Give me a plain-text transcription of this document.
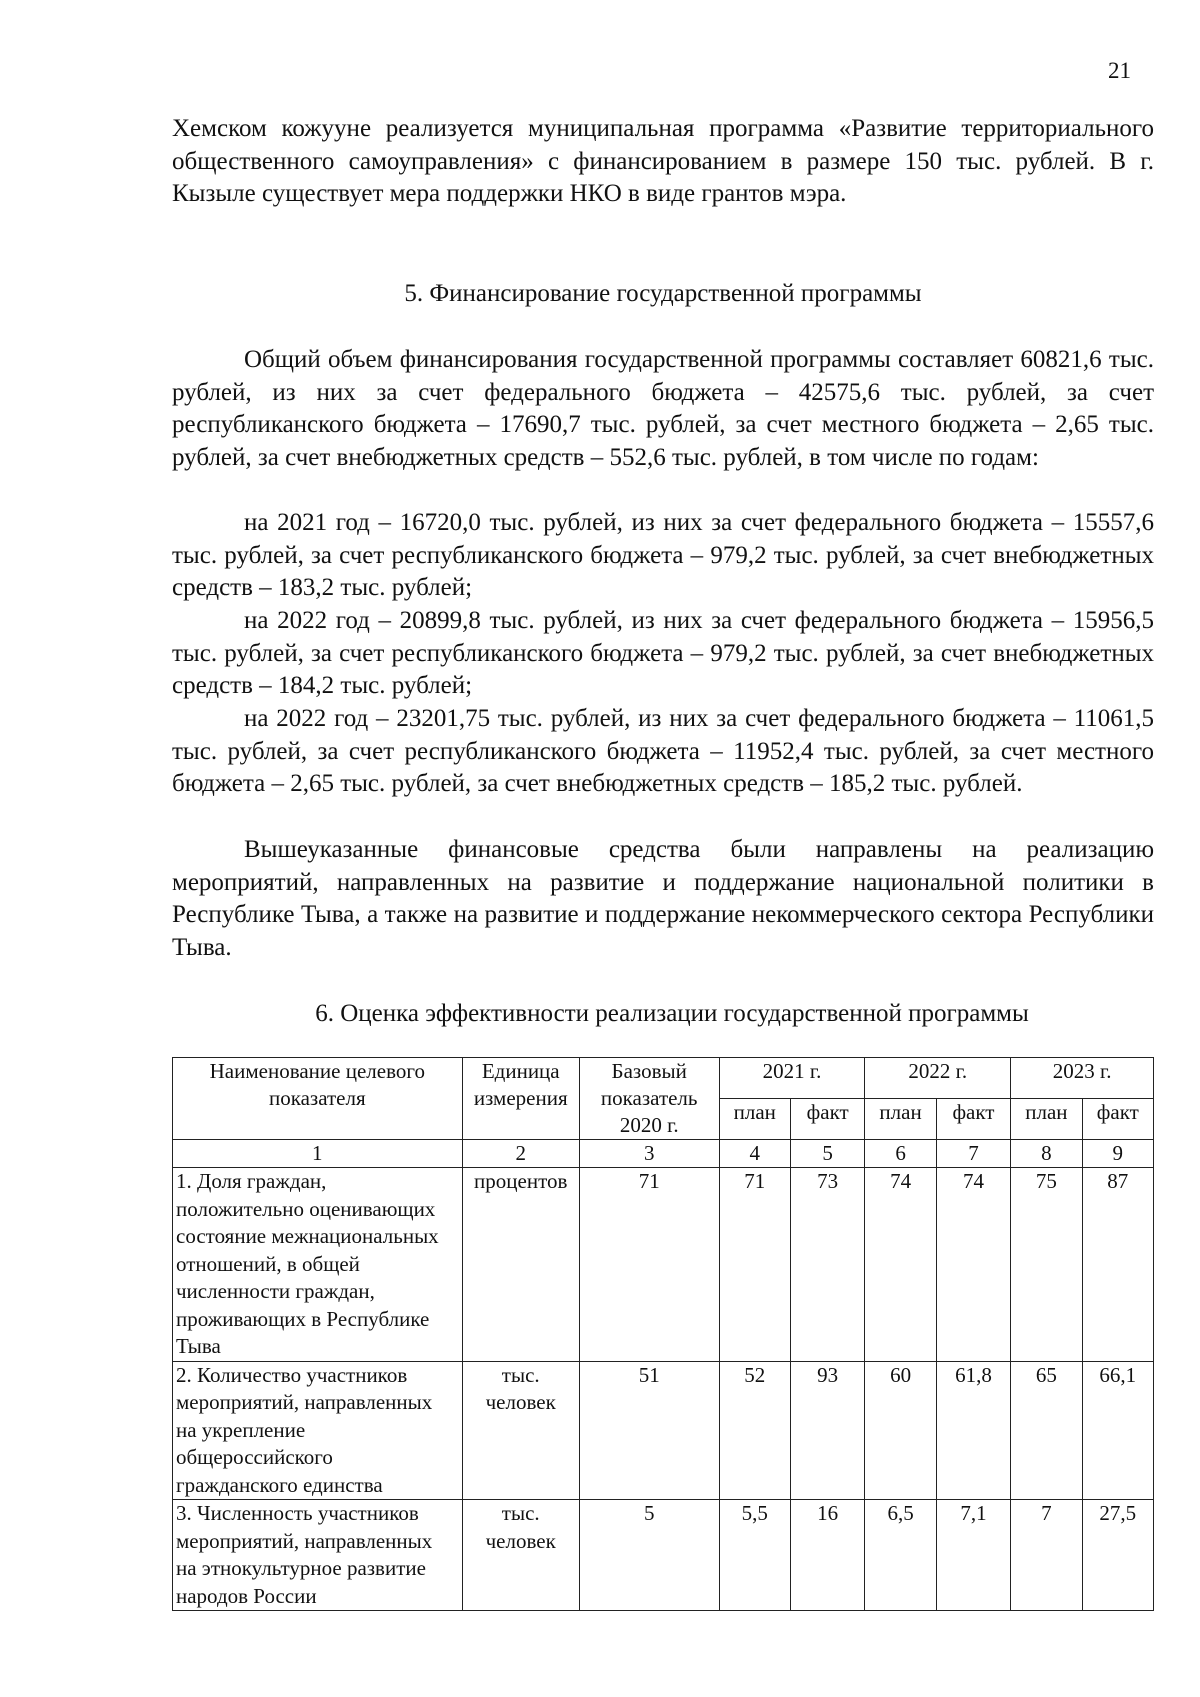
21

Хемском кожууне реализуется муниципальная программа «Развитие территориального общественного самоуправления» с финансированием в размере 150 тыс. рублей. В г. Кызыле существует мера поддержки НКО в виде грантов мэра.

5. Финансирование государственной программы

Общий объем финансирования государственной программы составляет 60821,6 тыс. рублей, из них за счет федерального бюджета – 42575,6 тыс. рублей, за счет республиканского бюджета – 17690,7 тыс. рублей, за счет местного бюджета – 2,65 тыс. рублей, за счет внебюджетных средств – 552,6 тыс. рублей, в том числе по годам:

на 2021 год – 16720,0 тыс. рублей, из них за счет федерального бюджета – 15557,6 тыс. рублей, за счет республиканского бюджета – 979,2 тыс. рублей, за счет внебюджетных средств – 183,2 тыс. рублей;

на 2022 год – 20899,8 тыс. рублей, из них за счет федерального бюджета – 15956,5 тыс. рублей, за счет республиканского бюджета – 979,2 тыс. рублей, за счет внебюджетных средств – 184,2 тыс. рублей;

на 2022 год – 23201,75 тыс. рублей, из них за счет федерального бюджета – 11061,5 тыс. рублей, за счет республиканского бюджета – 11952,4 тыс. рублей, за счет местного бюджета – 2,65 тыс. рублей, за счет внебюджетных средств – 185,2 тыс. рублей.

Вышеуказанные финансовые средства были направлены на реализацию мероприятий, направленных на развитие и поддержание национальной политики в Республике Тыва, а также на развитие и поддержание некоммерческого сектора Республики Тыва.

6. Оценка эффективности реализации государственной программы
Наименование целевого показателя	Единица измерения	Базовый показатель 2020 г.	2021 г.		2022 г.		2023 г.	
			план	факт	план	факт	план	факт
1	2	3	4	5	6	7	8	9
1. Доля граждан, положительно оценивающих состояние межнациональных отношений, в общей численности граждан, проживающих в Республике Тыва	процентов	71	71	73	74	74	75	87
2. Количество участников мероприятий, направленных на укрепление общероссийского гражданского единства	тыс. человек	51	52	93	60	61,8	65	66,1
3. Численность участников мероприятий, направленных на этнокультурное развитие народов России	тыс. человек	5	5,5	16	6,5	7,1	7	27,5
